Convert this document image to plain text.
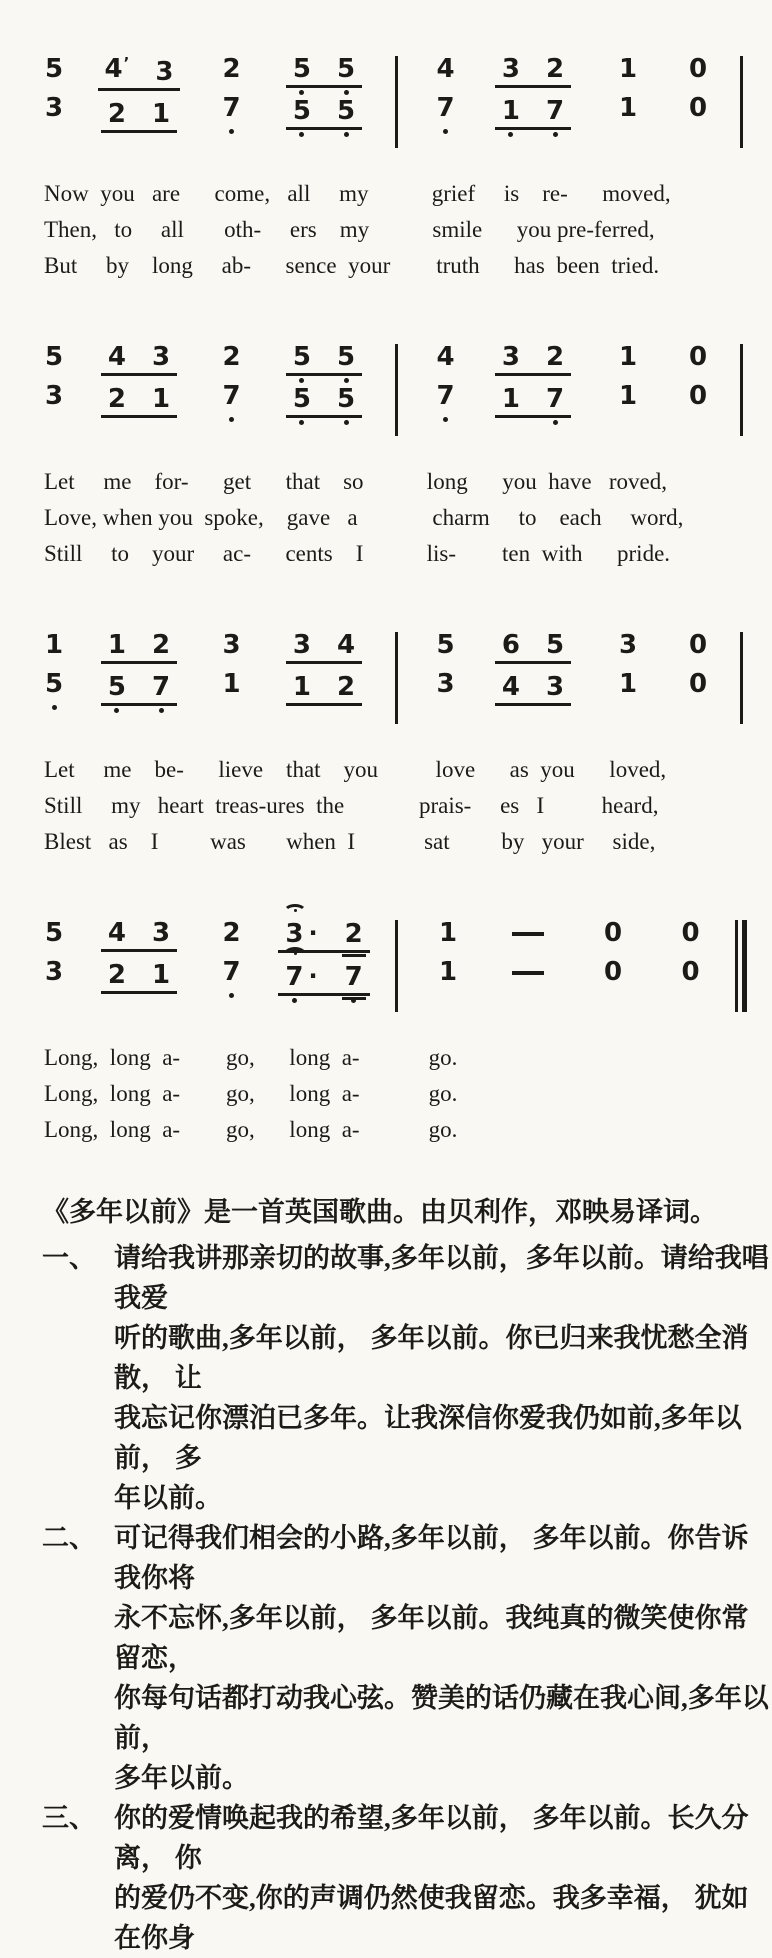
5
3
4’ 3
2 1
2
7
5 5
5 5
4
7
3 2
1 7
1
1
0
0
Now  you   are      come,   all     my           grief     is    re-      moved,
Then,   to     all       oth-     ers    my           smile      you pre-ferred,
But     by    long     ab-      sence  your        truth      has  been  tried.
5
3
4 3
2 1
2
7
5 5
5 5
4
7
3 2
1 7
1
1
0
0
Let     me    for-      get      that    so           long      you  have   roved,
Love, when you  spoke,    gave   a             charm     to    each     word,
Still     to    your     ac-      cents    I           lis-        ten  with      pride.
1
5
1 2
5 7
3
1
3 4
1 2
5
3
6 5
4 3
3
1
0
0
Let     me    be-      lieve    that    you          love      as  you      loved,
Still     my   heart  treas-ures  the             prais-     es   I          heard,
Blest   as    I         was       when  I            sat         by   your     side,
5
3
4 3
2 1
2
7
3 · 2
7 · 7
1
1
0
0
0
0
Long,  long  a-        go,      long  a-            go.
Long,  long  a-        go,      long  a-            go.
Long,  long  a-        go,      long  a-            go.
《多年以前》是一首英国歌曲。由贝利作，邓映易译词。
一、 请给我讲那亲切的故事,多年以前，多年以前。请给我唱我爱
听的歌曲,多年以前， 多年以前。你已归来我忧愁全消散， 让
我忘记你漂泊已多年。让我深信你爱我仍如前,多年以前， 多
年以前。
二、 可记得我们相会的小路,多年以前， 多年以前。你告诉我你将
永不忘怀,多年以前， 多年以前。我纯真的微笑使你常留恋，
你每句话都打动我心弦。赞美的话仍藏在我心间,多年以前，
多年以前。
三、 你的爱情唤起我的希望,多年以前， 多年以前。长久分离， 你
的爱仍不变,你的声调仍然使我留恋。我多幸福， 犹如在你身
